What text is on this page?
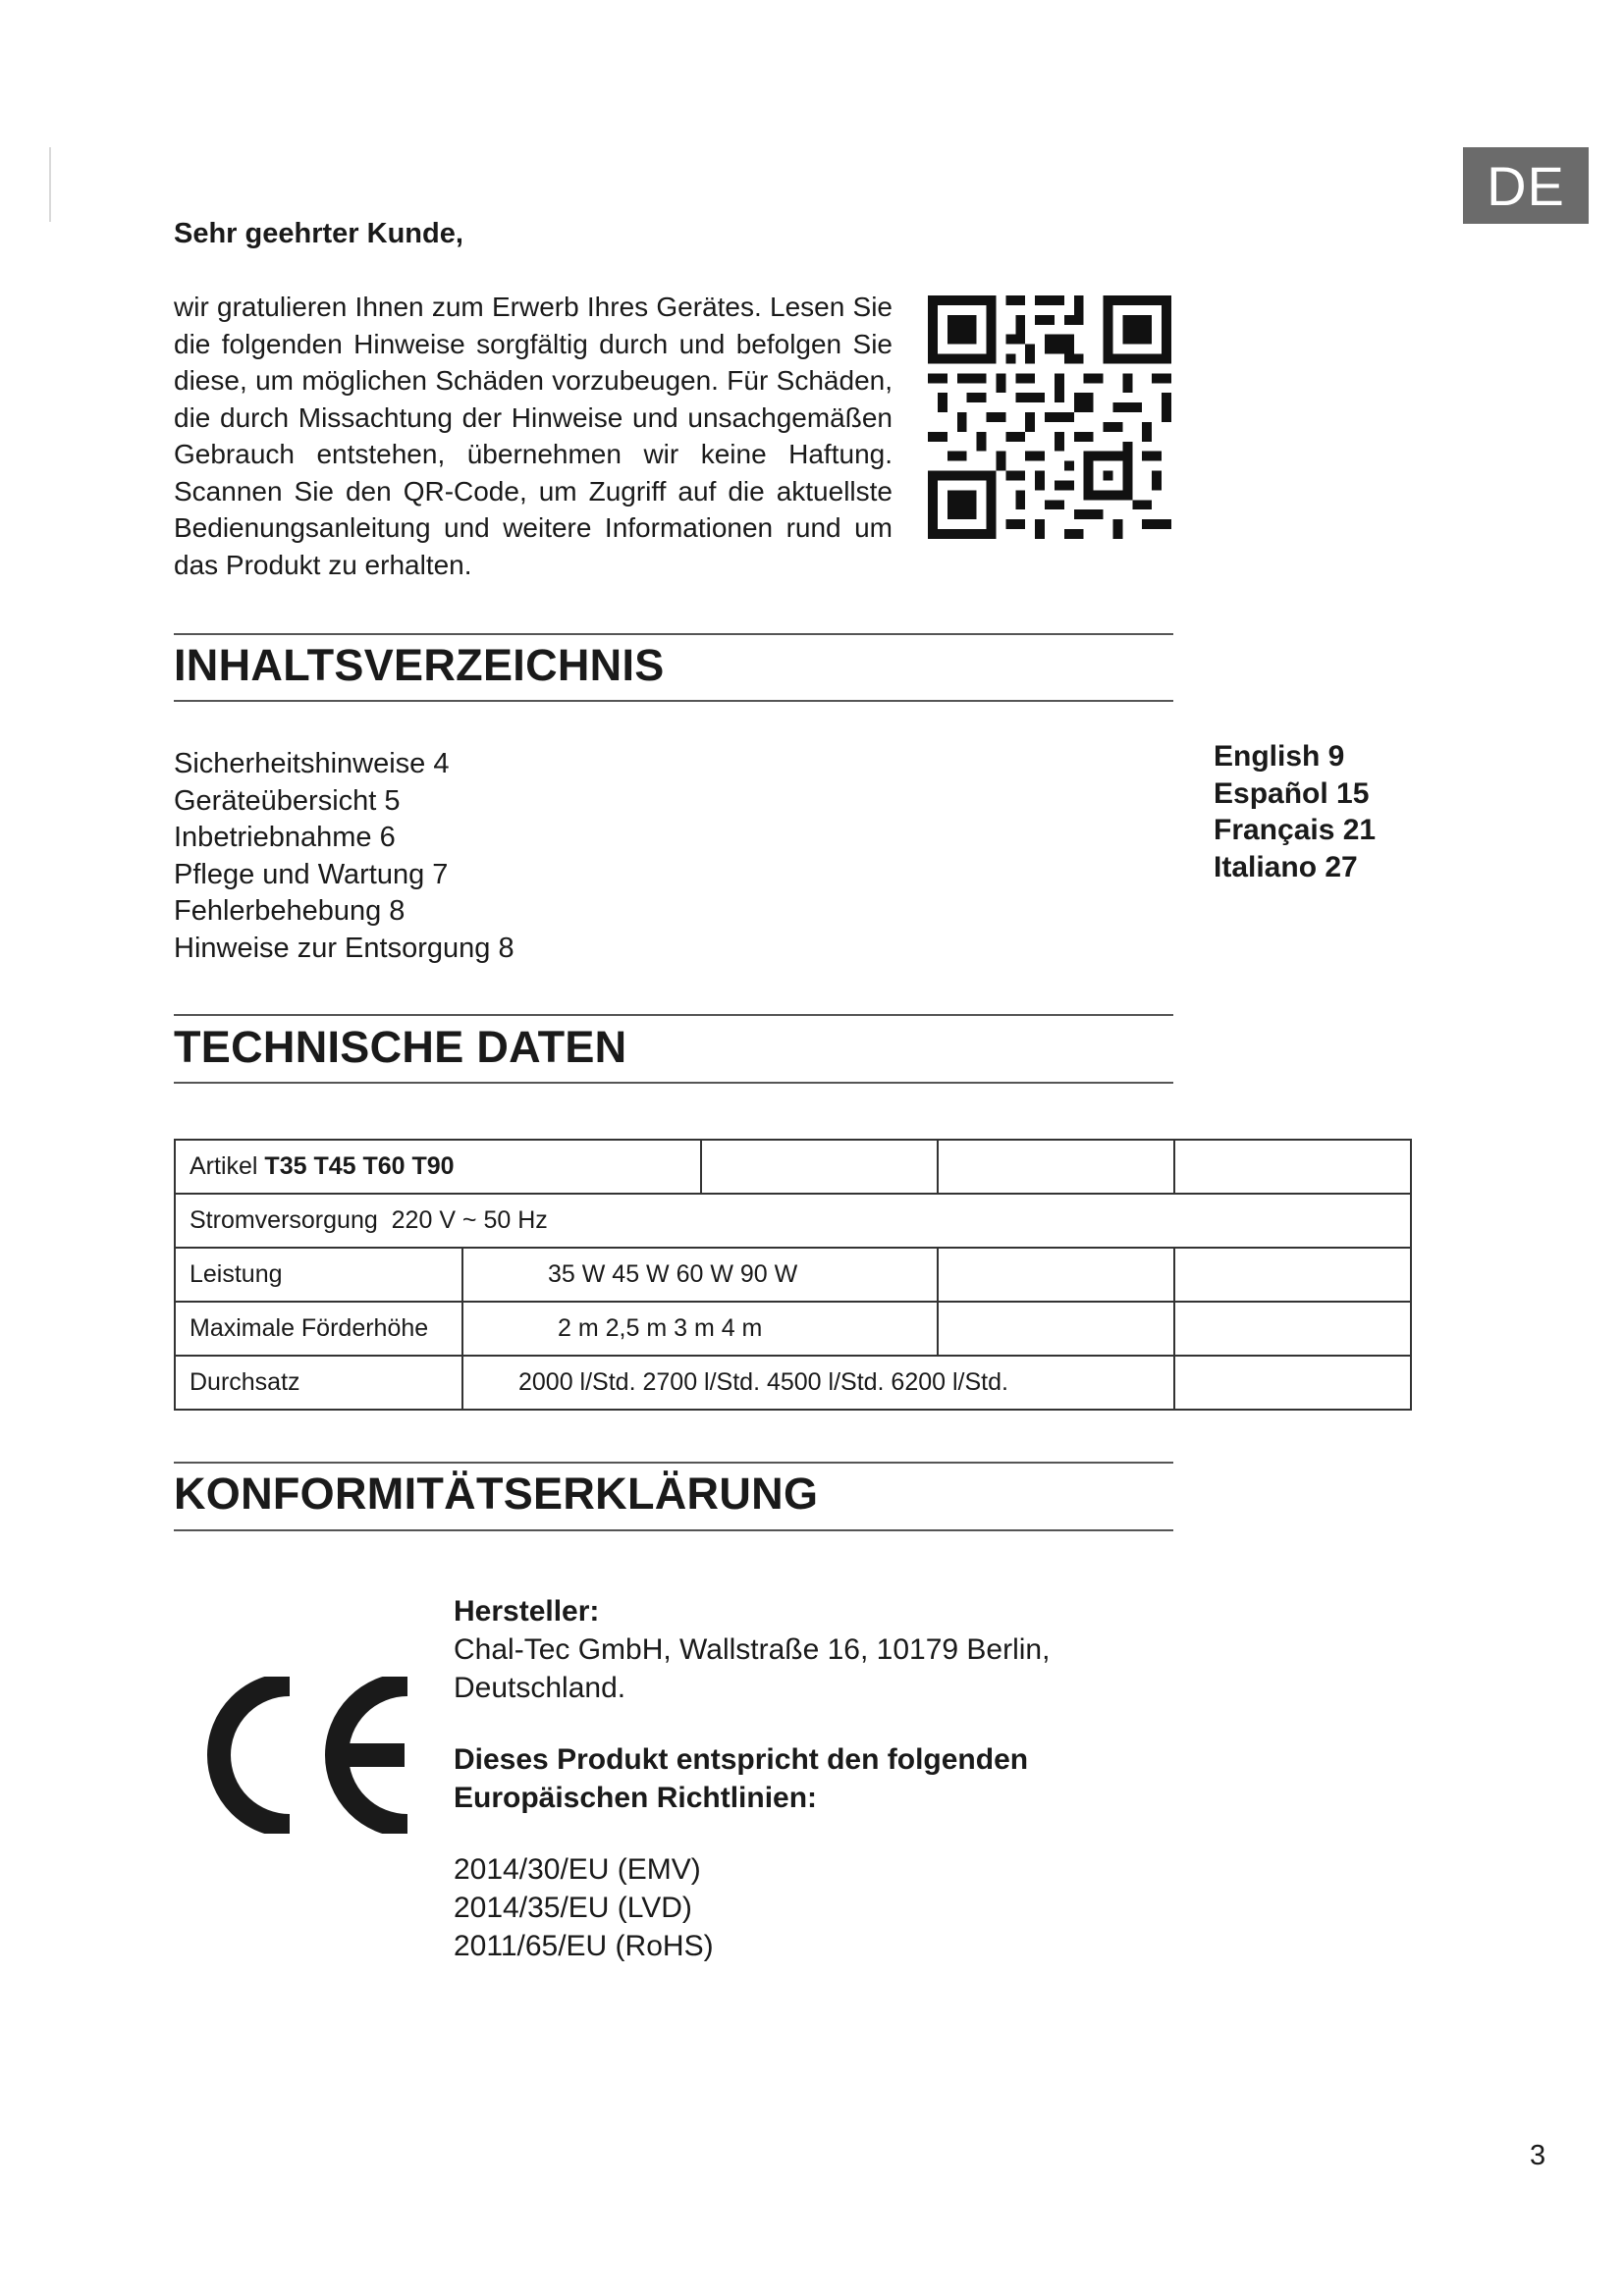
DE
Sehr geehrter Kunde,

wir gratulieren Ihnen zum Erwerb Ihres Gerätes. Lesen Sie die folgenden Hinweise sorgfältig durch und befolgen Sie diese, um möglichen Schäden vorzubeugen. Für Schäden, die durch Missachtung der Hinweise und unsachgemäßen Gebrauch entstehen, übernehmen wir keine Haftung. Scannen Sie den QR-Code, um Zugriff auf die aktuellste Bedienungsanleitung und weitere Informationen rund um das Produkt zu erhalten.

INHALTSVERZEICHNIS
Sicherheitshinweise 4
Geräteübersicht 5
Inbetriebnahme 6
Pflege und Wartung 7
Fehlerbehebung 8
Hinweise zur Entsorgung 8
English 9
Español 15
Français 21
Italiano 27
TECHNISCHE DATEN
Artikel T35 T45 T60 T90				
Stromversorgung 220 V ~ 50 Hz				
Leistung	35 W 45 W 60 W 90 W			
Maximale Förderhöhe	2 m 2,5 m 3 m 4 m			
Durchsatz	2000 l/Std. 2700 l/Std. 4500 l/Std. 6200 l/Std.			
KONFORMITÄTSERKLÄRUNG

Hersteller:

Chal-Tec GmbH, Wallstraße 16, 10179 Berlin, Deutschland.

Dieses Produkt entspricht den folgenden Europäischen Richtlinien:

2014/30/EU (EMV)

2014/35/EU (LVD)

2011/65/EU (RoHS)

3
